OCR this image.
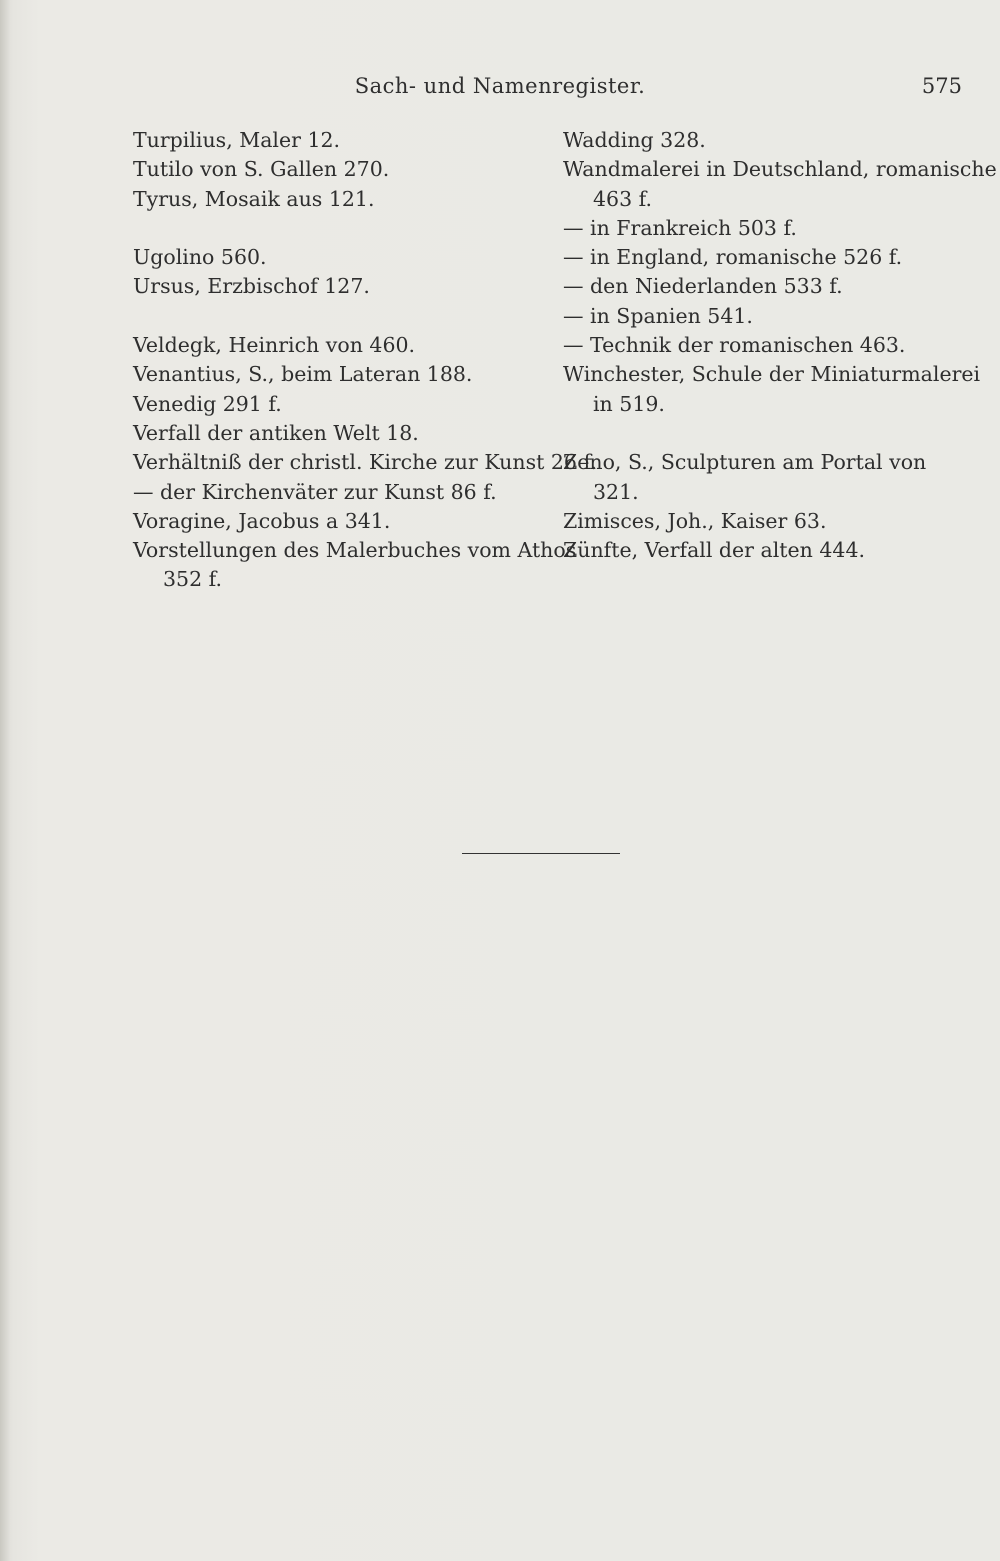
Sach- und Namenregister.	575
Turpilius, Maler 12.
Tutilo von S. Gallen 270.
Tyrus, Mosaik aus 121.
Ugolino 560.
Ursus, Erzbischof 127.
Veldegk, Heinrich von 460.
Venantius, S., beim Lateran 188.
Venedig 291 f.
Verfall der antiken Welt 18.
Verhältniß der christl. Kirche zur Kunst 26 f.
— der Kirchenväter zur Kunst 86 f.
Voragine, Jacobus a 341.
Vorstellungen des Malerbuches vom Athos
352 f.
Wadding 328.
Wandmalerei in Deutschland, romanische
463 f.
— in Frankreich 503 f.
— in England, romanische 526 f.
— den Niederlanden 533 f.
— in Spanien 541.
— Technik der romanischen 463.
Winchester, Schule der Miniaturmalerei
in 519.
Zeno, S., Sculpturen am Portal von
321.
Zimisces, Joh., Kaiser 63.
Zünfte, Verfall der alten 444.
